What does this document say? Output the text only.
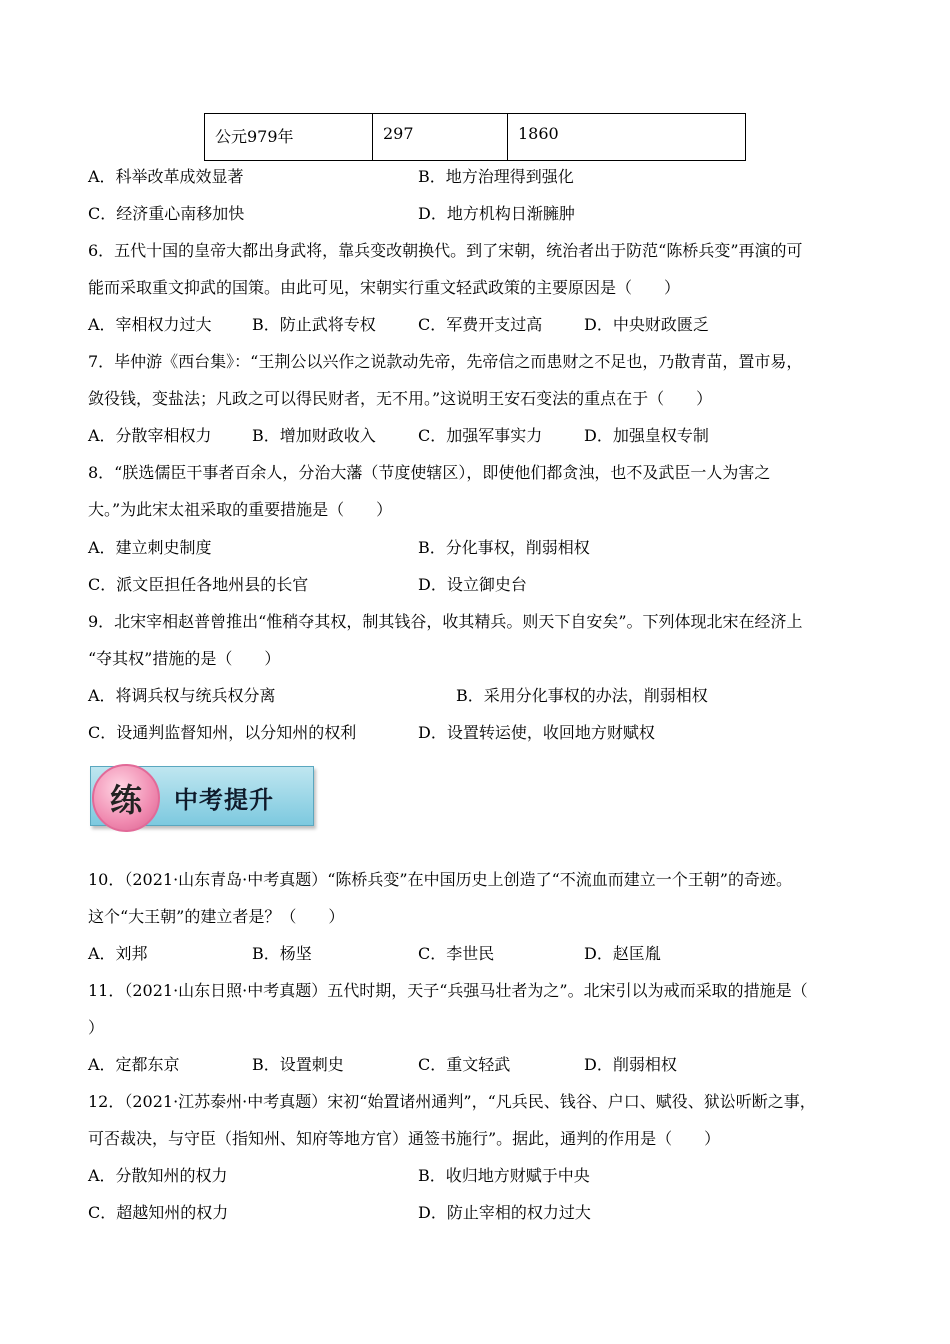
公元979年	297	1860
A．科举改革成效显著	B．地方治理得到强化
C．经济重心南移加快	D．地方机构日渐臃肿
6．五代十国的皇帝大都出身武将，靠兵变改朝换代。到了宋朝，统治者出于防范“陈桥兵变”再演的可
能而采取重文抑武的国策。由此可见，宋朝实行重文轻武政策的主要原因是（　　）
A．宰相权力过大	B．防止武将专权	C．军费开支过高	D．中央财政匮乏
7．毕仲游《西台集》：“王荆公以兴作之说款动先帝，先帝信之而患财之不足也，乃散青苗，置市易，
敛役钱，变盐法；凡政之可以得民财者，无不用。”这说明王安石变法的重点在于（　　）
A．分散宰相权力	B．增加财政收入	C．加强军事实力	D．加强皇权专制
8．“朕选儒臣干事者百余人，分治大藩（节度使辖区），即使他们都贪浊，也不及武臣一人为害之
大。”为此宋太祖采取的重要措施是（　　）
A．建立刺史制度	B．分化事权，削弱相权
C．派文臣担任各地州县的长官	D．设立御史台
9．北宋宰相赵普曾推出“惟稍夺其权，制其钱谷，收其精兵。则天下自安矣”。下列体现北宋在经济上
“夺其权”措施的是（　　）
A．将调兵权与统兵权分离	B．采用分化事权的办法，削弱相权
C．设通判监督知州，以分知州的权利	D．设置转运使，收回地方财赋权
练 中考提升
10．（2021·山东青岛·中考真题）“陈桥兵变”在中国历史上创造了“不流血而建立一个王朝”的奇迹。
这个“大王朝”的建立者是？（　　）
A．刘邦	B．杨坚	C．李世民	D．赵匡胤
11．（2021·山东日照·中考真题）五代时期，天子“兵强马壮者为之”。北宋引以为戒而采取的措施是（
）
A．定都东京	B．设置刺史	C．重文轻武	D．削弱相权
12．（2021·江苏泰州·中考真题）宋初“始置诸州通判”，“凡兵民、钱谷、户口、赋役、狱讼听断之事，
可否裁决，与守臣（指知州、知府等地方官）通签书施行”。据此，通判的作用是（　　）
A．分散知州的权力	B．收归地方财赋于中央
C．超越知州的权力	D．防止宰相的权力过大
